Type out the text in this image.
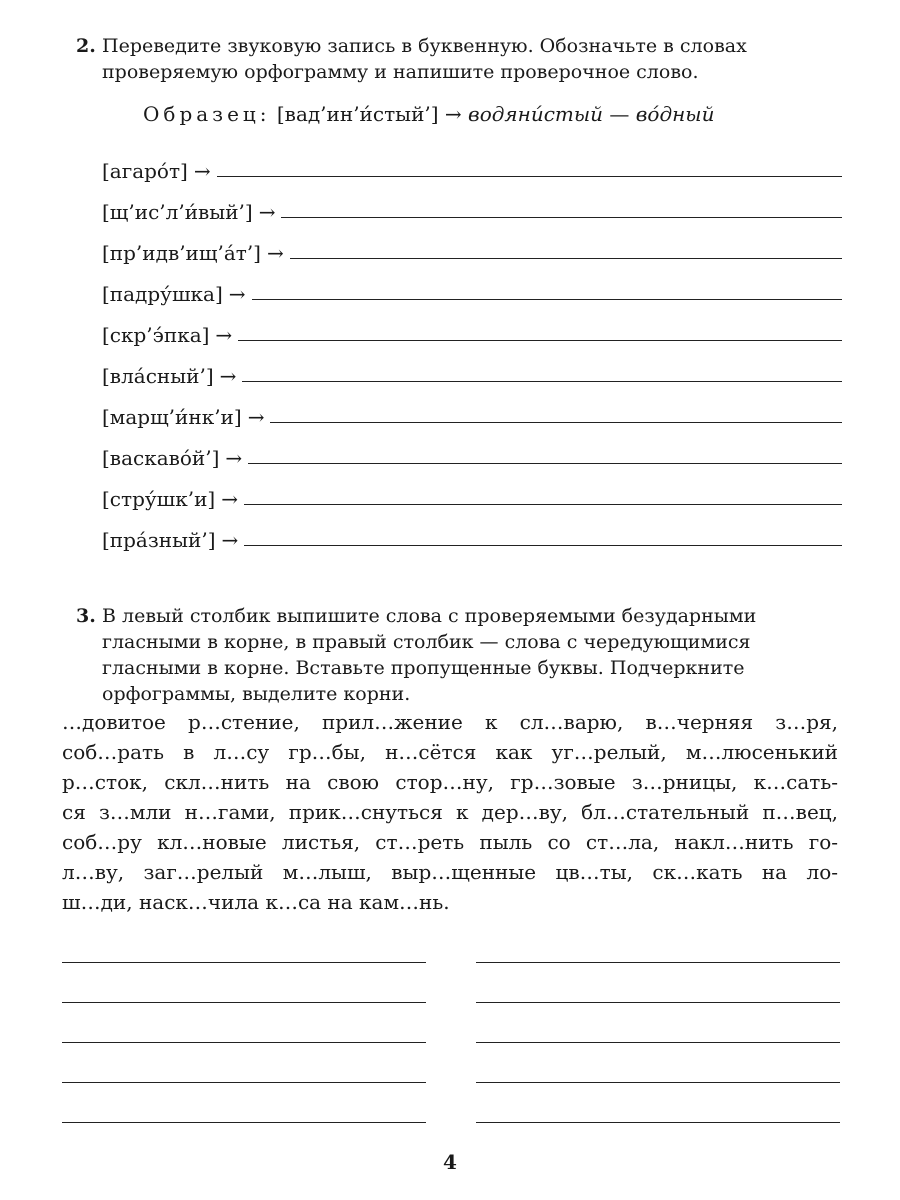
2. Переведите звуковую запись в буквенную. Обозначьте в словах проверяемую орфограмму и напишите проверочное слово.
Образец: [вад’ин’и́стый’] → водяни́стый — во́дный
[агаро́т] →
[щ’ис’л’и́вый’] →
[пр’идв’ищ’а́т’] →
[падру́шка] →
[скр’э́пка] →
[вла́сный’] →
[марщ’и́нк’и] →
[васкаво́й’] →
[стру́шк’и] →
[пра́зный’] →
3. В левый столбик выпишите слова с проверяемыми безударными гласными в корне, в правый столбик — слова с чередующимися гласными в корне. Вставьте пропущенные буквы. Подчеркните орфограммы, выделите корни.
…довитое р…стение, прил…жение к сл…варю, в…черняя з…ря,
соб…рать в л…су гр…бы, н…сётся как уг…релый, м…люсенький
р…сток, скл…нить на свою стор…ну, гр…зовые з…рницы, к…сать-
ся з…мли н…гами, прик…снуться к дер…ву, бл…стательный п…вец,
соб…ру кл…новые листья, ст…реть пыль со ст…ла, накл…нить го-
л…ву, заг…релый м…лыш, выр…щенные цв…ты, ск…кать на ло-
ш…ди, наск…чила к…са на кам…нь.
4
